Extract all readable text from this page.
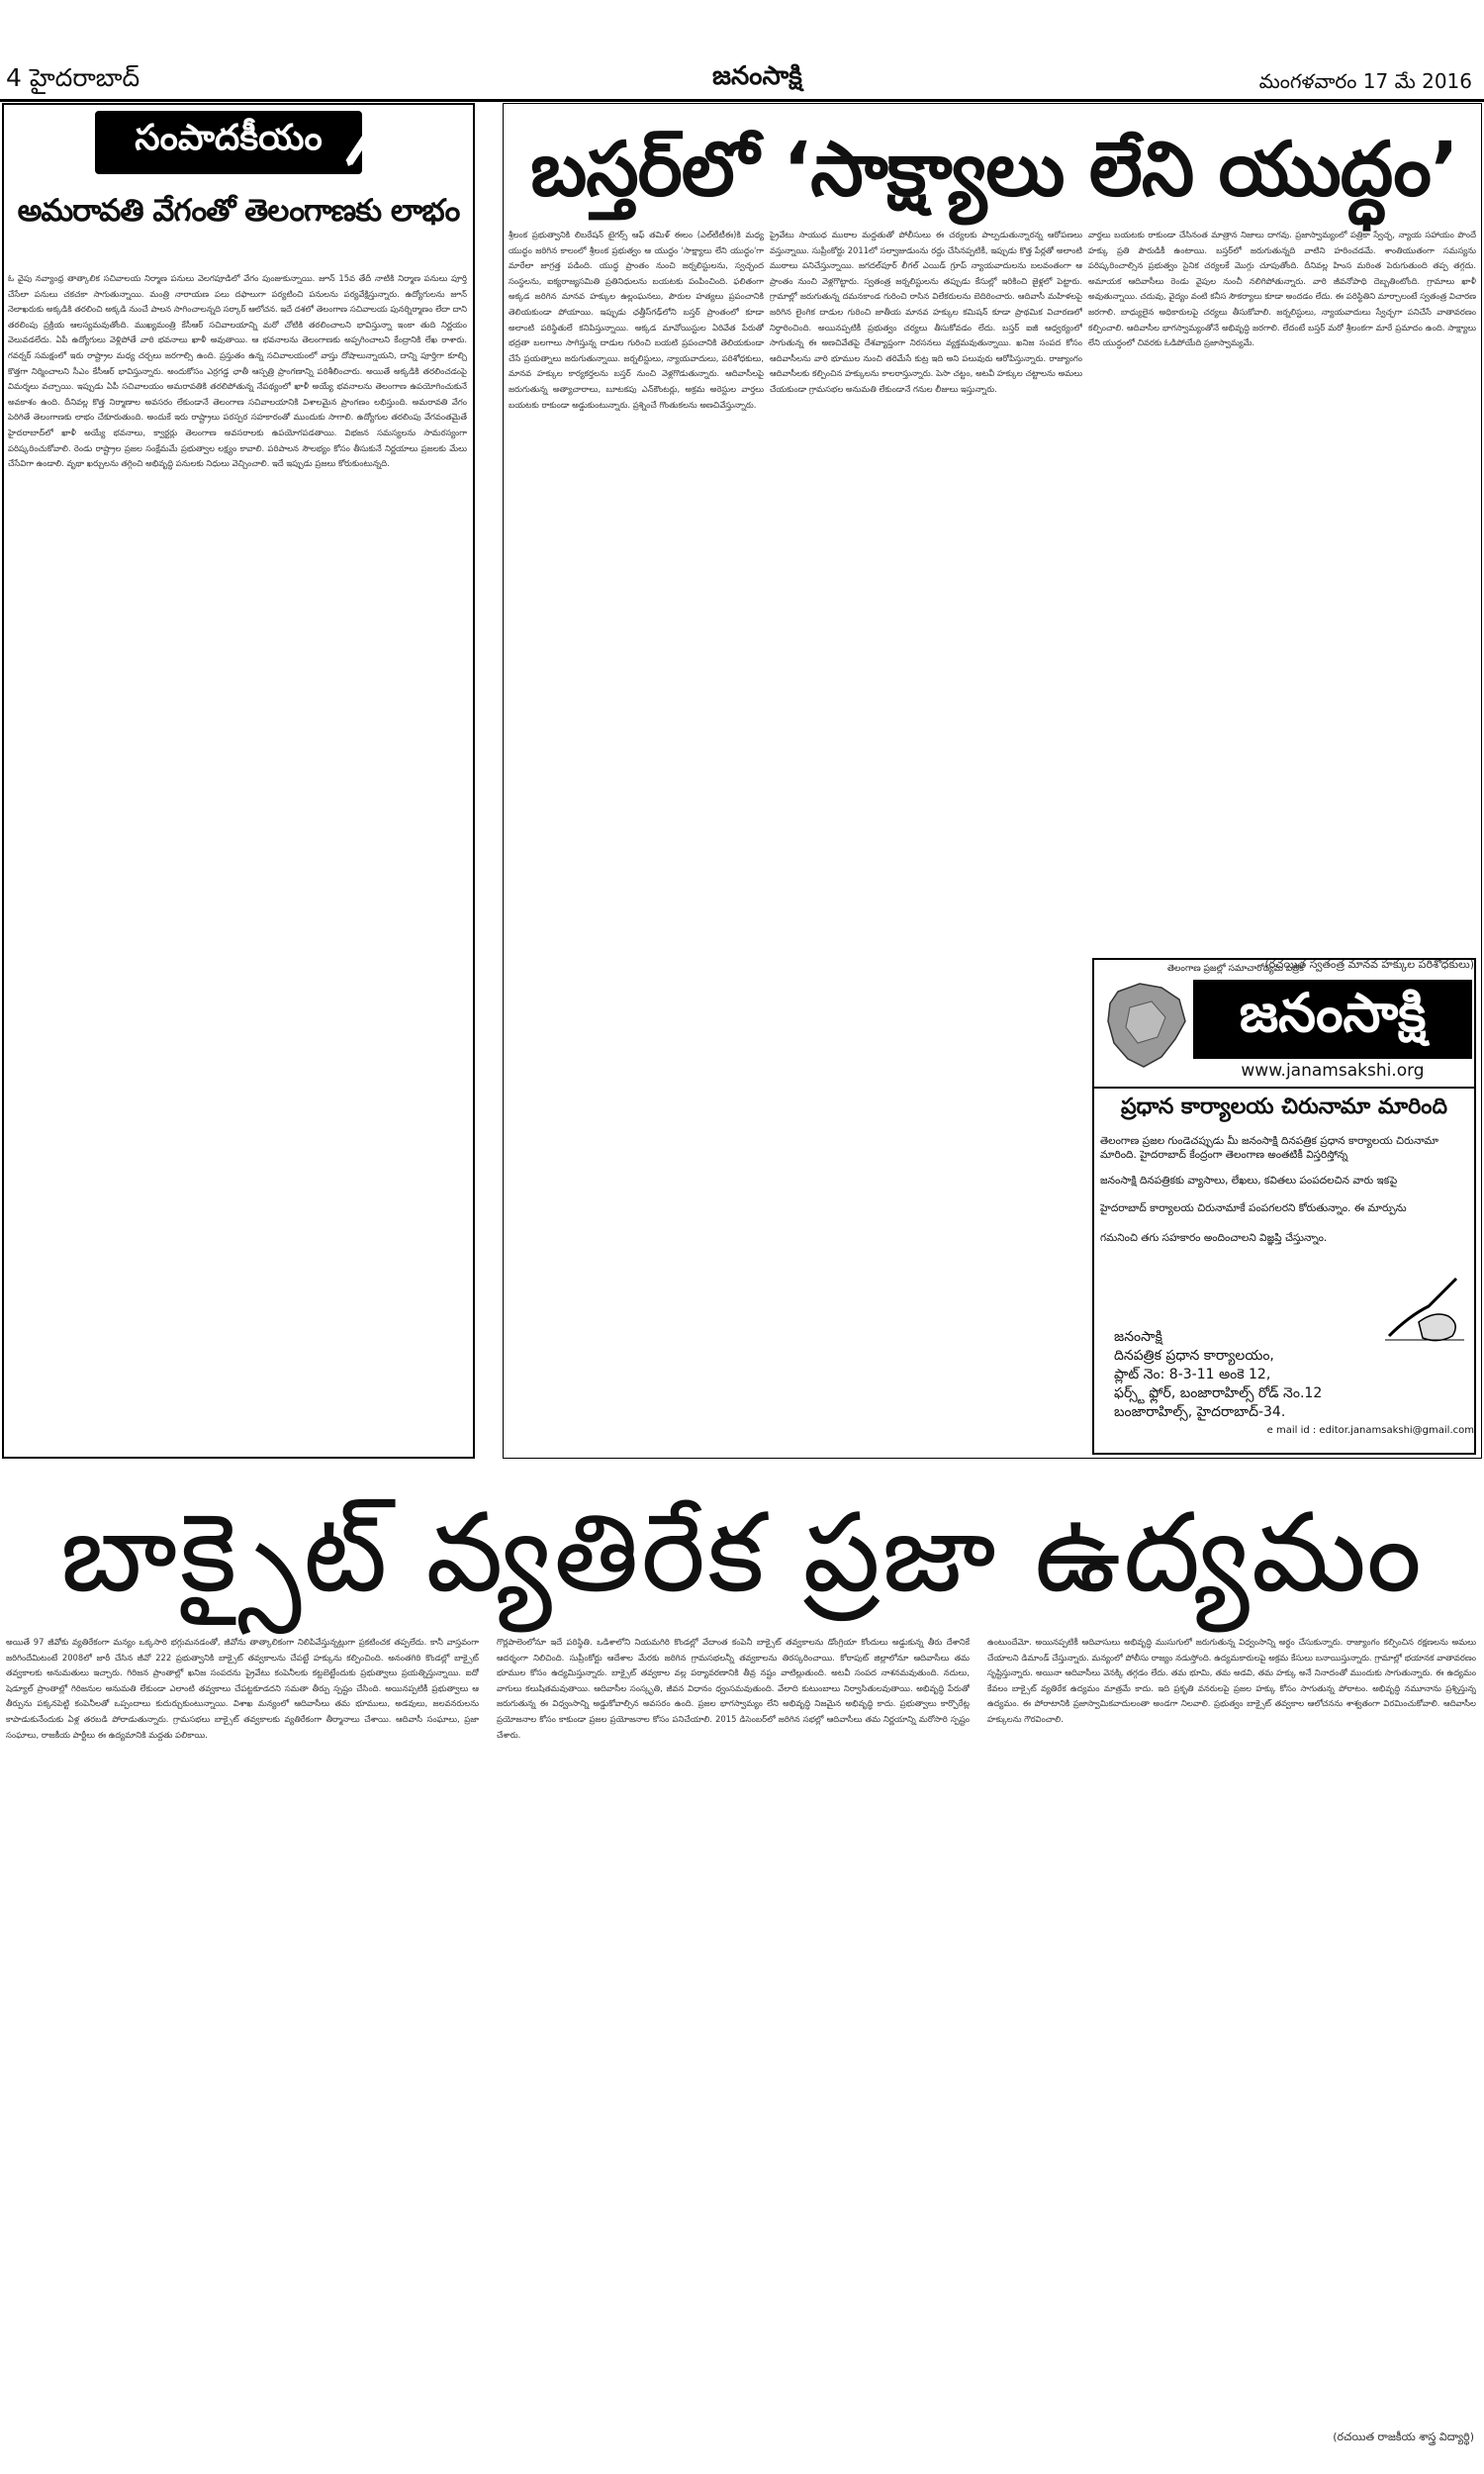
4 హైదరాబాద్	జనంసాక్షి	మంగళవారం 17 మే 2016
సంపాదకీయం
అమరావతి వేగంతో తెలంగాణకు లాభం
ఓ వైపు నవ్యాంధ్ర తాత్కాలిక సచివాలయ నిర్మాణ పనులు వెలగపూడిలో వేగం పుంజుకున్నాయి. జూన్ 15వ తేదీ నాటికి నిర్మాణ పనులు పూర్తి చేసేలా పనులు చకచకా సాగుతున్నాయి. మంత్రి నారాయణ పలు దఫాలుగా పర్యటించి పనులను పర్యవేక్షిస్తున్నారు. ఉద్యోగులను జూన్ నెలాఖరుకు అక్కడికి తరలించి అక్కడి నుంచే పాలన సాగించాలన్నది సర్కార్ ఆలోచన. ఇదే దశలో తెలంగాణ సచివాలయ పునర్నిర్మాణం లేదా దాని తరలింపు ప్రక్రియ ఆలస్యమవుతోంది. ముఖ్యమంత్రి కేసీఆర్ సచివాలయాన్ని మరో చోటికి తరలించాలని భావిస్తున్నా ఇంకా తుది నిర్ణయం వెలువడలేదు. ఏపీ ఉద్యోగులు వెళ్లిపోతే వారి భవనాలు ఖాళీ అవుతాయి. ఆ భవనాలను తెలంగాణకు అప్పగించాలని కేంద్రానికి లేఖ రాశారు. గవర్నర్ సమక్షంలో ఇరు రాష్ట్రాల మధ్య చర్చలు జరగాల్సి ఉంది. ప్రస్తుతం ఉన్న సచివాలయంలో వాస్తు దోషాలున్నాయని, దాన్ని పూర్తిగా కూల్చి కొత్తగా నిర్మించాలని సీఎం కేసీఆర్ భావిస్తున్నారు. అందుకోసం ఎర్రగడ్డ ఛాతీ ఆస్పత్రి ప్రాంగణాన్ని పరిశీలించారు. అయితే అక్కడికి తరలించడంపై విమర్శలు వచ్చాయి. ఇప్పుడు ఏపీ సచివాలయం అమరావతికి తరలిపోతున్న నేపథ్యంలో ఖాళీ అయ్యే భవనాలను తెలంగాణ ఉపయోగించుకునే అవకాశం ఉంది. దీనివల్ల కొత్త నిర్మాణాల అవసరం లేకుండానే తెలంగాణ సచివాలయానికి విశాలమైన ప్రాంగణం లభిస్తుంది. అమరావతి వేగం పెరిగితే తెలంగాణకు లాభం చేకూరుతుంది. అందుకే ఇరు రాష్ట్రాలు పరస్పర సహకారంతో ముందుకు సాగాలి. ఉద్యోగుల తరలింపు వేగవంతమైతే హైదరాబాద్‌లో ఖాళీ అయ్యే భవనాలు, క్వార్టర్లు తెలంగాణ అవసరాలకు ఉపయోగపడతాయి. విభజన సమస్యలను సామరస్యంగా పరిష్కరించుకోవాలి. రెండు రాష్ట్రాల ప్రజల సంక్షేమమే ప్రభుత్వాల లక్ష్యం కావాలి. పరిపాలన సౌలభ్యం కోసం తీసుకునే నిర్ణయాలు ప్రజలకు మేలు చేసేవిగా ఉండాలి. వృథా ఖర్చులను తగ్గించి అభివృద్ధి పనులకు నిధులు వెచ్చించాలి. ఇదే ఇప్పుడు ప్రజలు కోరుకుంటున్నది.
బస్తర్‌లో ‘సాక్ష్యాలు లేని యుద్ధం’
శ్రీలంక ప్రభుత్వానికి లిబరేషన్ టైగర్స్ ఆఫ్ తమిళ్ ఈలం (ఎల్‌టీటీఈ)కి మధ్య యుద్ధం జరిగిన కాలంలో శ్రీలంక ప్రభుత్వం ఆ యుద్ధం 'సాక్ష్యాలు లేని యుద్ధం'గా మారేలా జాగ్రత్త పడింది. యుద్ధ ప్రాంతం నుంచి జర్నలిస్టులను, స్వచ్ఛంద సంస్థలను, ఐక్యరాజ్యసమితి ప్రతినిధులను బయటకు పంపించింది. ఫలితంగా అక్కడ జరిగిన మానవ హక్కుల ఉల్లంఘనలు, పౌరుల హత్యలు ప్రపంచానికి తెలియకుండా పోయాయి. ఇప్పుడు ఛత్తీస్‌గఢ్‌లోని బస్తర్ ప్రాంతంలో కూడా అలాంటి పరిస్థితులే కనిపిస్తున్నాయి. అక్కడ మావోయిస్టుల ఏరివేత పేరుతో భద్రతా బలగాలు సాగిస్తున్న దాడుల గురించి బయటి ప్రపంచానికి తెలియకుండా చేసే ప్రయత్నాలు జరుగుతున్నాయి. జర్నలిస్టులు, న్యాయవాదులు, పరిశోధకులు, మానవ హక్కుల కార్యకర్తలను బస్తర్ నుంచి వెళ్లగొడుతున్నారు. ఆదివాసీలపై జరుగుతున్న అత్యాచారాలు, బూటకపు ఎన్‌కౌంటర్లు, అక్రమ అరెస్టుల వార్తలు బయటకు రాకుండా అడ్డుకుంటున్నారు. ప్రశ్నించే గొంతుకలను అణచివేస్తున్నారు.
ప్రైవేటు సాయుధ ముఠాల మద్దతుతో పోలీసులు ఈ చర్యలకు పాల్పడుతున్నారన్న ఆరోపణలు వస్తున్నాయి. సుప్రీంకోర్టు 2011లో సల్వాజుడుంను రద్దు చేసినప్పటికీ, ఇప్పుడు కొత్త పేర్లతో అలాంటి ముఠాలు పనిచేస్తున్నాయి. జగదల్‌పూర్ లీగల్ ఎయిడ్ గ్రూప్ న్యాయవాదులను బలవంతంగా ఆ ప్రాంతం నుంచి వెళ్లగొట్టారు. స్వతంత్ర జర్నలిస్టులను తప్పుడు కేసుల్లో ఇరికించి జైళ్లలో పెట్టారు. గ్రామాల్లో జరుగుతున్న దమనకాండ గురించి రాసిన విలేకరులను బెదిరించారు. ఆదివాసీ మహిళలపై జరిగిన లైంగిక దాడుల గురించి జాతీయ మానవ హక్కుల కమిషన్ కూడా ప్రాథమిక విచారణలో నిర్ధారించింది. అయినప్పటికీ ప్రభుత్వం చర్యలు తీసుకోవడం లేదు. బస్తర్ ఐజీ ఆధ్వర్యంలో సాగుతున్న ఈ అణచివేతపై దేశవ్యాప్తంగా నిరసనలు వ్యక్తమవుతున్నాయి. ఖనిజ సంపద కోసం ఆదివాసీలను వారి భూముల నుంచి తరిమేసే కుట్ర ఇది అని పలువురు ఆరోపిస్తున్నారు. రాజ్యాంగం ఆదివాసీలకు కల్పించిన హక్కులను కాలరాస్తున్నారు. పెసా చట్టం, అటవీ హక్కుల చట్టాలను అమలు చేయకుండా గ్రామసభల అనుమతి లేకుండానే గనుల లీజులు ఇస్తున్నారు.
వార్తలు బయటకు రాకుండా చేసినంత మాత్రాన నిజాలు దాగవు. ప్రజాస్వామ్యంలో పత్రికా స్వేచ్ఛ, న్యాయ సహాయం పొందే హక్కు ప్రతి పౌరుడికీ ఉంటాయి. బస్తర్‌లో జరుగుతున్నది వాటిని హరించడమే. శాంతియుతంగా సమస్యను పరిష్కరించాల్సిన ప్రభుత్వం సైనిక చర్యలకే మొగ్గు చూపుతోంది. దీనివల్ల హింస మరింత పెరుగుతుంది తప్ప తగ్గదు. అమాయక ఆదివాసీలు రెండు వైపుల నుంచీ నలిగిపోతున్నారు. వారి జీవనోపాధి దెబ్బతింటోంది. గ్రామాలు ఖాళీ అవుతున్నాయి. చదువు, వైద్యం వంటి కనీస సౌకర్యాలు కూడా అందడం లేదు. ఈ పరిస్థితిని మార్చాలంటే స్వతంత్ర విచారణ జరగాలి. బాధ్యులైన అధికారులపై చర్యలు తీసుకోవాలి. జర్నలిస్టులు, న్యాయవాదులు స్వేచ్ఛగా పనిచేసే వాతావరణం కల్పించాలి. ఆదివాసీల భాగస్వామ్యంతోనే అభివృద్ధి జరగాలి. లేదంటే బస్తర్ మరో శ్రీలంకగా మారే ప్రమాదం ఉంది. సాక్ష్యాలు లేని యుద్ధంలో చివరకు ఓడిపోయేది ప్రజాస్వామ్యమే.
(రచయిత స్వతంత్ర మానవ హక్కుల పరిశోధకులు)
తెలంగాణ ప్రజల్లో సమాచారోద్యమ పత్రిక
జనంసాక్షి
www.janamsakshi.org
ప్రధాన కార్యాలయ చిరునామా మారింది
తెలంగాణ ప్రజల గుండెచప్పుడు మీ జనంసాక్షి దినపత్రిక ప్రధాన కార్యాలయ చిరునామా మారింది. హైదరాబాద్ కేంద్రంగా తెలంగాణ అంతటికీ విస్తరిస్తోన్న
జనంసాక్షి దినపత్రికకు వ్యాసాలు, లేఖలు, కవితలు పంపదలచిన వారు ఇకపై
హైదరాబాద్ కార్యాలయ చిరునామాకే పంపగలరని కోరుతున్నాం. ఈ మార్పును
గమనించి తగు సహకారం అందించాలని విజ్ఞప్తి చేస్తున్నాం.
జనంసాక్షి
దినపత్రిక ప్రధాన కార్యాలయం,
ప్లాట్ నెం: 8-3-11 అంకె 12,
ఫర్స్ట్ ఫ్లోర్, బంజారాహిల్స్ రోడ్ నెం.12
బంజారాహిల్స్, హైదరాబాద్-34.
e mail id : editor.janamsakshi@gmail.com
బాక్సైట్ వ్యతిరేక ప్రజా ఉద్యమం
అయితే 97 జీవోకు వ్యతిరేకంగా మన్యం ఒక్కసారి భగ్గుమనడంతో, జీవోను తాత్కాలికంగా నిలిపివేస్తున్నట్లుగా ప్రకటించక తప్పలేదు. కానీ వాస్తవంగా జరిగిందేమిటంటే 2008లో జారీ చేసిన జీవో 222 ప్రభుత్వానికి బాక్సైట్ తవ్వకాలను చేపట్టే హక్కును కల్పించింది. అనంతగిరి కొండల్లో బాక్సైట్ తవ్వకాలకు అనుమతులు ఇచ్చారు. గిరిజన ప్రాంతాల్లో ఖనిజ సంపదను ప్రైవేటు కంపెనీలకు కట్టబెట్టేందుకు ప్రభుత్వాలు ప్రయత్నిస్తున్నాయి. ఐదో షెడ్యూల్ ప్రాంతాల్లో గిరిజనుల అనుమతి లేకుండా ఎలాంటి తవ్వకాలు చేపట్టకూడదని సమతా తీర్పు స్పష్టం చేసింది. అయినప్పటికీ ప్రభుత్వాలు ఆ తీర్పును పక్కనపెట్టి కంపెనీలతో ఒప్పందాలు కుదుర్చుకుంటున్నాయి. విశాఖ మన్యంలో ఆదివాసీలు తమ భూములు, అడవులు, జలవనరులను కాపాడుకునేందుకు ఏళ్ల తరబడి పోరాడుతున్నారు. గ్రామసభలు బాక్సైట్ తవ్వకాలకు వ్యతిరేకంగా తీర్మానాలు చేశాయి. ఆదివాసీ సంఘాలు, ప్రజా సంఘాలు, రాజకీయ పార్టీలు ఈ ఉద్యమానికి మద్దతు పలికాయి.
గొర్లపాలెంలోనూ ఇదే పరిస్థితి. ఒడిశాలోని నియమగిరి కొండల్లో వేదాంత కంపెనీ బాక్సైట్ తవ్వకాలను డోంగ్రియా కోందులు అడ్డుకున్న తీరు దేశానికే ఆదర్శంగా నిలిచింది. సుప్రీంకోర్టు ఆదేశాల మేరకు జరిగిన గ్రామసభలన్నీ తవ్వకాలను తిరస్కరించాయి. కోరాపుట్ జిల్లాలోనూ ఆదివాసీలు తమ భూముల కోసం ఉద్యమిస్తున్నారు. బాక్సైట్ తవ్వకాల వల్ల పర్యావరణానికి తీవ్ర నష్టం వాటిల్లుతుంది. అటవీ సంపద నాశనమవుతుంది. నదులు, వాగులు కలుషితమవుతాయి. ఆదివాసీల సంస్కృతి, జీవన విధానం ధ్వంసమవుతుంది. వేలాది కుటుంబాలు నిర్వాసితులవుతాయి. అభివృద్ధి పేరుతో జరుగుతున్న ఈ విధ్వంసాన్ని అడ్డుకోవాల్సిన అవసరం ఉంది. ప్రజల భాగస్వామ్యం లేని అభివృద్ధి నిజమైన అభివృద్ధి కాదు. ప్రభుత్వాలు కార్పొరేట్ల ప్రయోజనాల కోసం కాకుండా ప్రజల ప్రయోజనాల కోసం పనిచేయాలి. 2015 డిసెంబర్‌లో జరిగిన సభల్లో ఆదివాసీలు తమ నిర్ణయాన్ని మరోసారి స్పష్టం చేశారు.
ఉంటుందేమో. అయినప్పటికీ ఆదివాసులు అభివృద్ధి ముసుగులో జరుగుతున్న విధ్వంసాన్ని అర్థం చేసుకున్నారు. రాజ్యాంగం కల్పించిన రక్షణలను అమలు చేయాలని డిమాండ్ చేస్తున్నారు. మన్యంలో పోలీసు రాజ్యం నడుస్తోంది. ఉద్యమకారులపై అక్రమ కేసులు బనాయిస్తున్నారు. గ్రామాల్లో భయానక వాతావరణం సృష్టిస్తున్నారు. అయినా ఆదివాసీలు వెనక్కి తగ్గడం లేదు. తమ భూమి, తమ అడవి, తమ హక్కు అనే నినాదంతో ముందుకు సాగుతున్నారు. ఈ ఉద్యమం కేవలం బాక్సైట్ వ్యతిరేక ఉద్యమం మాత్రమే కాదు. ఇది ప్రకృతి వనరులపై ప్రజల హక్కు కోసం సాగుతున్న పోరాటం. అభివృద్ధి నమూనాను ప్రశ్నిస్తున్న ఉద్యమం. ఈ పోరాటానికి ప్రజాస్వామికవాదులంతా అండగా నిలవాలి. ప్రభుత్వం బాక్సైట్ తవ్వకాల ఆలోచనను శాశ్వతంగా విరమించుకోవాలి. ఆదివాసీల హక్కులను గౌరవించాలి.
(రచయిత రాజకీయ శాస్త్ర విద్యార్థి)
